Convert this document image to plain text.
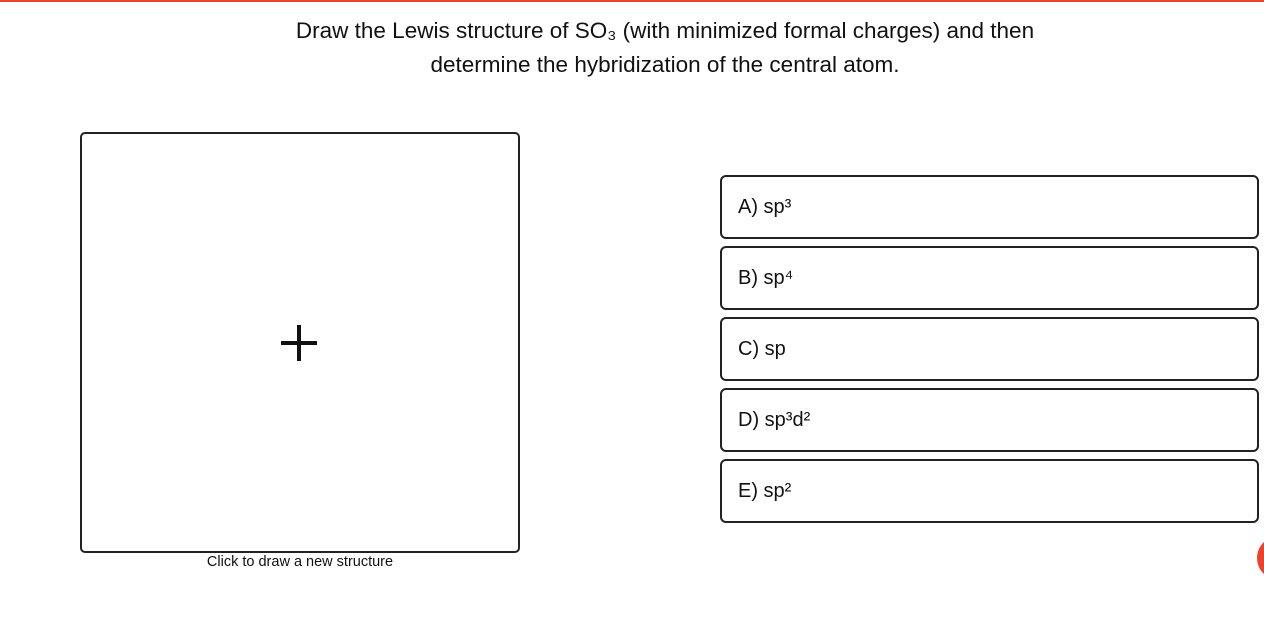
Draw the Lewis structure of SO₃ (with minimized formal charges) and then
determine the hybridization of the central atom.
Click to draw a new structure
A) sp³
B) sp⁴
C) sp
D) sp³d²
E) sp²
